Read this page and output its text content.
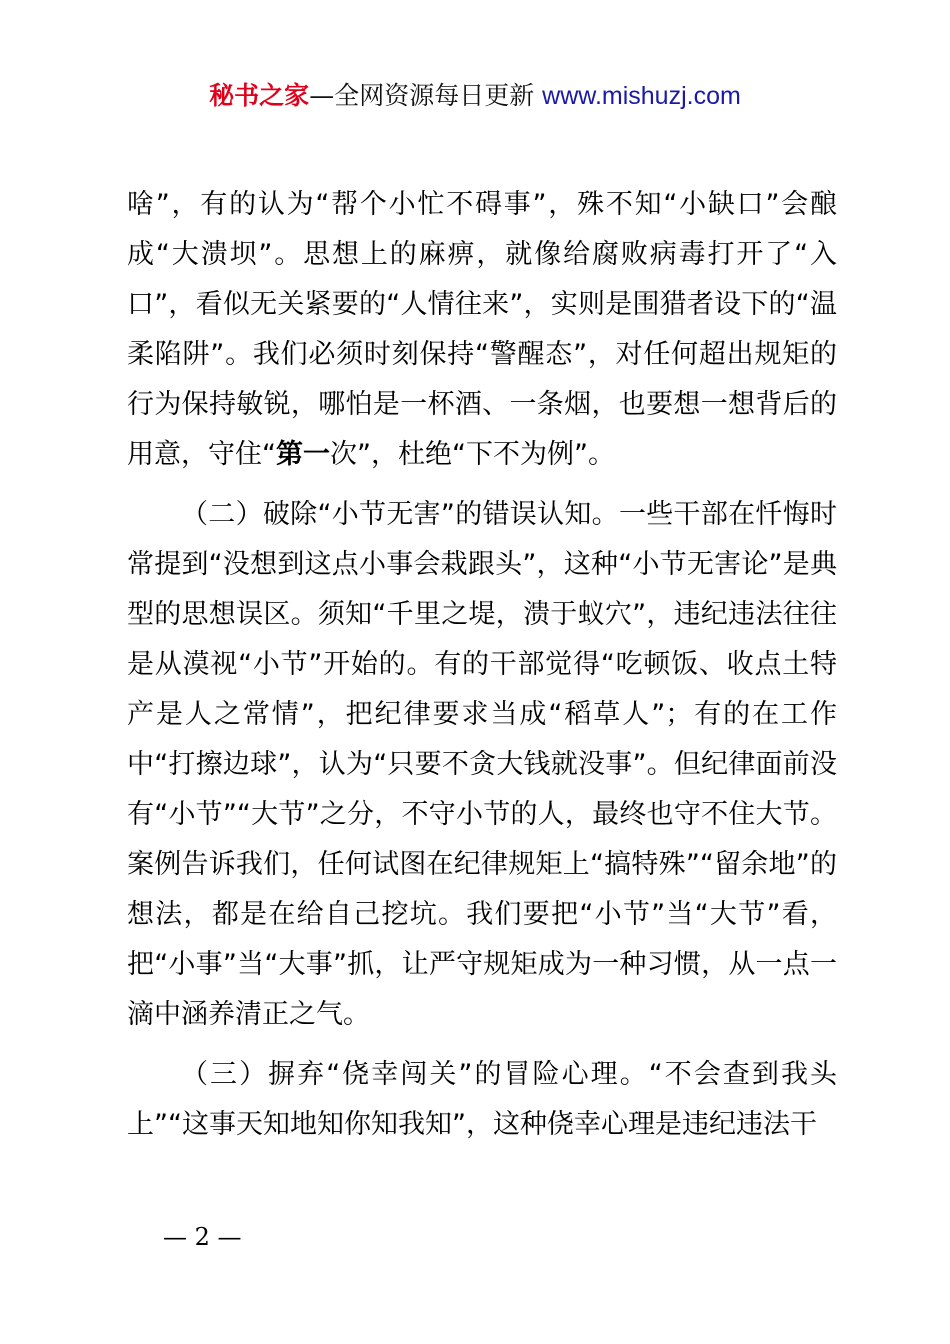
秘书之家—全网资源每日更新 www.mishuzj.com

啥”，有的认为“帮个小忙不碍事”，殊不知“小缺口”会酿成“大溃坝”。思想上的麻痹，就像给腐败病毒打开了“入口”，看似无关紧要的“人情往来”，实则是围猎者设下的“温柔陷阱”。我们必须时刻保持“警醒态”，对任何超出规矩的行为保持敏锐，哪怕是一杯酒、一条烟，也要想一想背后的用意，守住“第一次”，杜绝“下不为例”。

（二）破除“小节无害”的错误认知。一些干部在忏悔时常提到“没想到这点小事会栽跟头”，这种“小节无害论”是典型的思想误区。须知“千里之堤，溃于蚁穴”，违纪违法往往是从漠视“小节”开始的。有的干部觉得“吃顿饭、收点土特产是人之常情”，把纪律要求当成“稻草人”；有的在工作中“打擦边球”，认为“只要不贪大钱就没事”。但纪律面前没有“小节”“大节”之分，不守小节的人，最终也守不住大节。案例告诉我们，任何试图在纪律规矩上“搞特殊”“留余地”的想法，都是在给自己挖坑。我们要把“小节”当“大节”看，把“小事”当“大事”抓，让严守规矩成为一种习惯，从一点一滴中涵养清正之气。

（三）摒弃“侥幸闯关”的冒险心理。“不会查到我头上”“这事天知地知你知我知”，这种侥幸心理是违纪违法干

— 2 —
